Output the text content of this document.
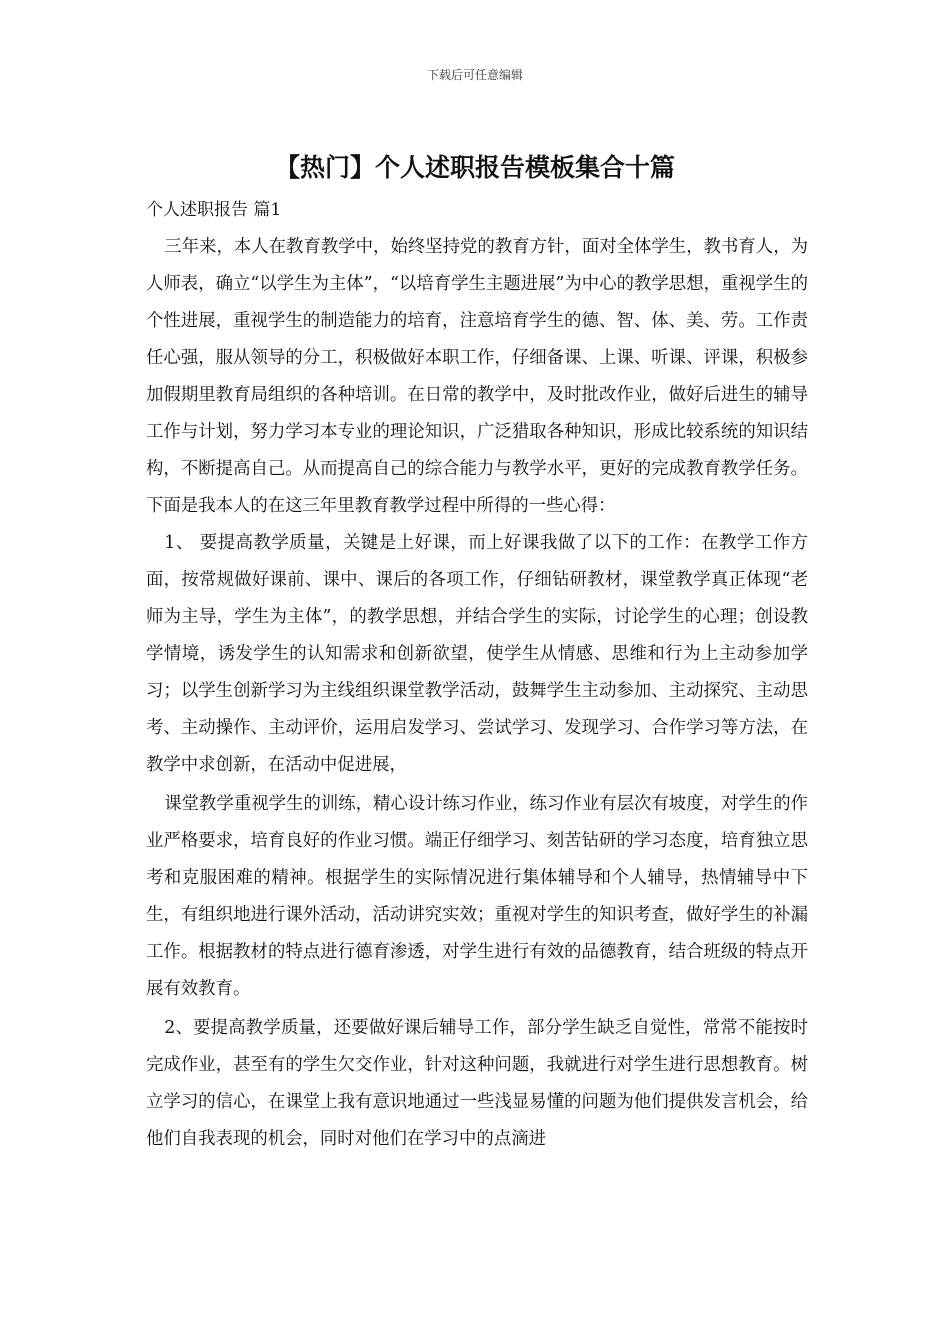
下载后可任意编辑
【热门】个人述职报告模板集合十篇
个人述职报告 篇1

三年来，本人在教育教学中，始终坚持党的教育方针，面对全体学生，教书育人，为人师表，确立“以学生为主体”，“以培育学生主题进展”为中心的教学思想，重视学生的个性进展，重视学生的制造能力的培育，注意培育学生的德、智、体、美、劳。工作责任心强，服从领导的分工，积极做好本职工作，仔细备课、上课、听课、评课，积极参加假期里教育局组织的各种培训。在日常的教学中，及时批改作业，做好后进生的辅导工作与计划，努力学习本专业的理论知识，广泛猎取各种知识，形成比较系统的知识结构，不断提高自己。从而提高自己的综合能力与教学水平，更好的完成教育教学任务。下面是我本人的在这三年里教育教学过程中所得的一些心得：

1、 要提高教学质量，关键是上好课，而上好课我做了以下的工作：在教学工作方面，按常规做好课前、课中、课后的各项工作，仔细钻研教材，课堂教学真正体现“老师为主导，学生为主体”，的教学思想，并结合学生的实际，讨论学生的心理；创设教学情境，诱发学生的认知需求和创新欲望，使学生从情感、思维和行为上主动参加学习；以学生创新学习为主线组织课堂教学活动，鼓舞学生主动参加、主动探究、主动思考、主动操作、主动评价，运用启发学习、尝试学习、发现学习、合作学习等方法，在教学中求创新，在活动中促进展，

课堂教学重视学生的训练，精心设计练习作业，练习作业有层次有坡度，对学生的作业严格要求，培育良好的作业习惯。端正仔细学习、刻苦钻研的学习态度，培育独立思考和克服困难的精神。根据学生的实际情况进行集体辅导和个人辅导，热情辅导中下生，有组织地进行课外活动，活动讲究实效；重视对学生的知识考查，做好学生的补漏工作。根据教材的特点进行德育渗透，对学生进行有效的品德教育，结合班级的特点开展有效教育。

2、要提高教学质量，还要做好课后辅导工作，部分学生缺乏自觉性，常常不能按时完成作业，甚至有的学生欠交作业，针对这种问题，我就进行对学生进行思想教育。树立学习的信心，在课堂上我有意识地通过一些浅显易懂的问题为他们提供发言机会，给他们自我表现的机会，同时对他们在学习中的点滴进
